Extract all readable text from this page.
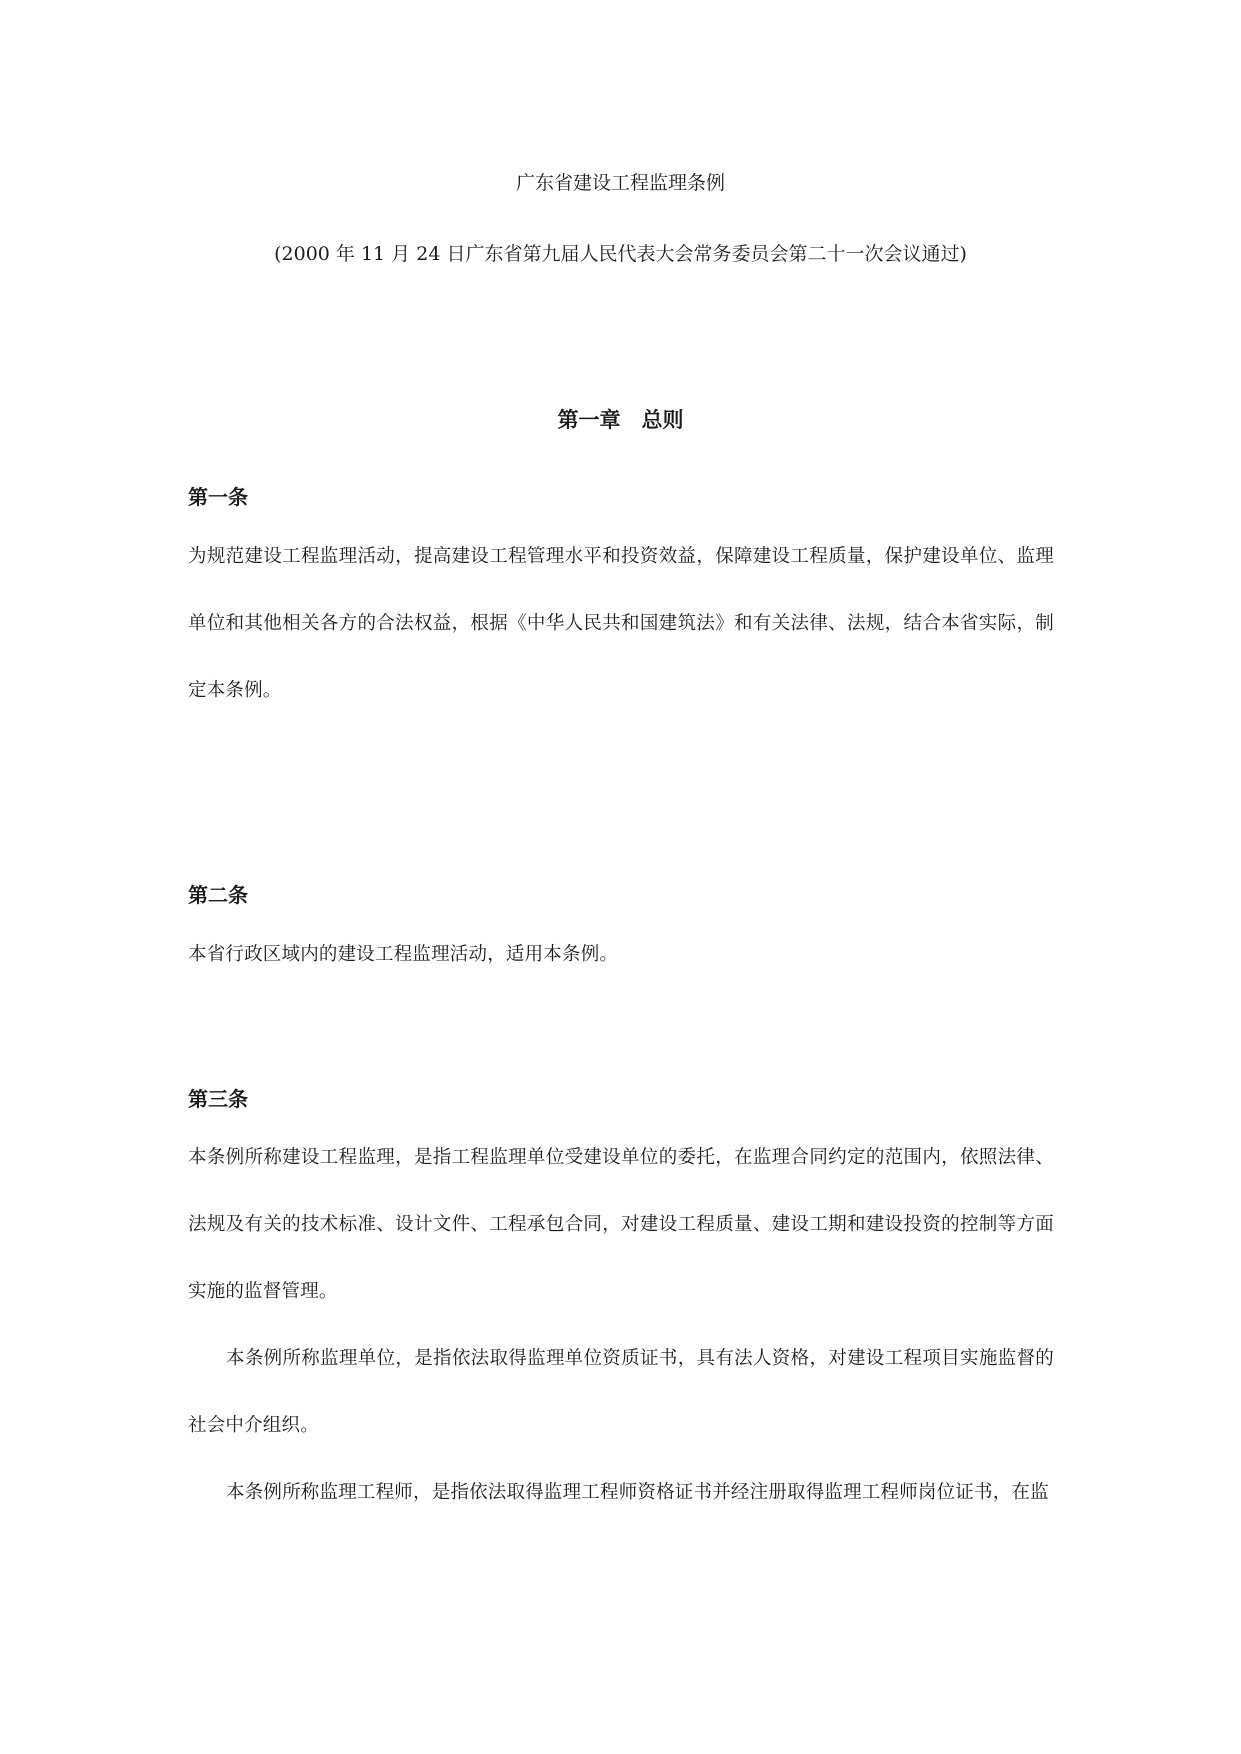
广东省建设工程监理条例

(2000 年 11 月 24 日广东省第九届人民代表大会常务委员会第二十一次会议通过)

第一章　总则
第一条

为规范建设工程监理活动，提高建设工程管理水平和投资效益，保障建设工程质量，保护建设单位、监理单位和其他相关各方的合法权益，根据《中华人民共和国建筑法》和有关法律、法规，结合本省实际，制定本条例。

第二条

本省行政区域内的建设工程监理活动，适用本条例。

第三条

本条例所称建设工程监理，是指工程监理单位受建设单位的委托，在监理合同约定的范围内，依照法律、法规及有关的技术标准、设计文件、工程承包合同，对建设工程质量、建设工期和建设投资的控制等方面实施的监督管理。

本条例所称监理单位，是指依法取得监理单位资质证书，具有法人资格，对建设工程项目实施监督的社会中介组织。

本条例所称监理工程师，是指依法取得监理工程师资格证书并经注册取得监理工程师岗位证书，在监
